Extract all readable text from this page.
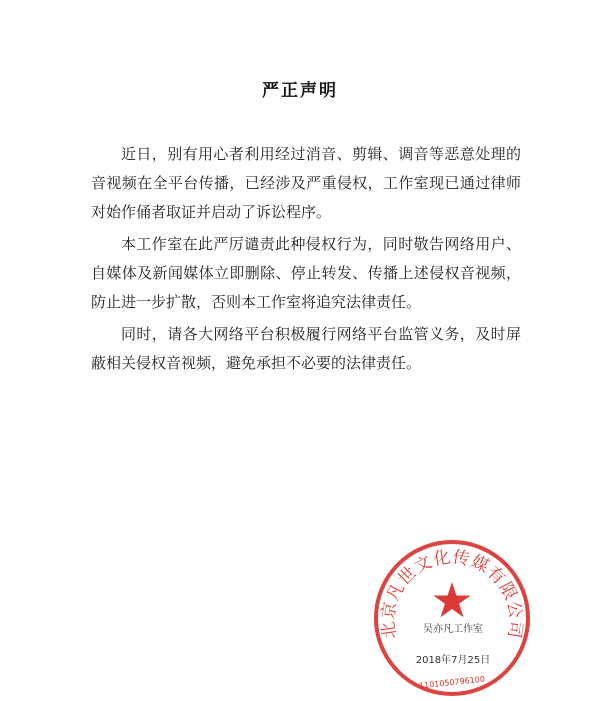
严正声明

近日，别有用心者利用经过消音、剪辑、调音等恶意处理的音视频在全平台传播，已经涉及严重侵权，工作室现已通过律师对始作俑者取证并启动了诉讼程序。

本工作室在此严厉谴责此种侵权行为，同时敬告网络用户、自媒体及新闻媒体立即删除、停止转发、传播上述侵权音视频，防止进一步扩散，否则本工作室将追究法律责任。

同时，请各大网络平台积极履行网络平台监管义务，及时屏蔽相关侵权音视频，避免承担不必要的法律责任。

北京凡世文化传媒有限公司
吴亦凡工作室
2018年7月25日
1101050796100
